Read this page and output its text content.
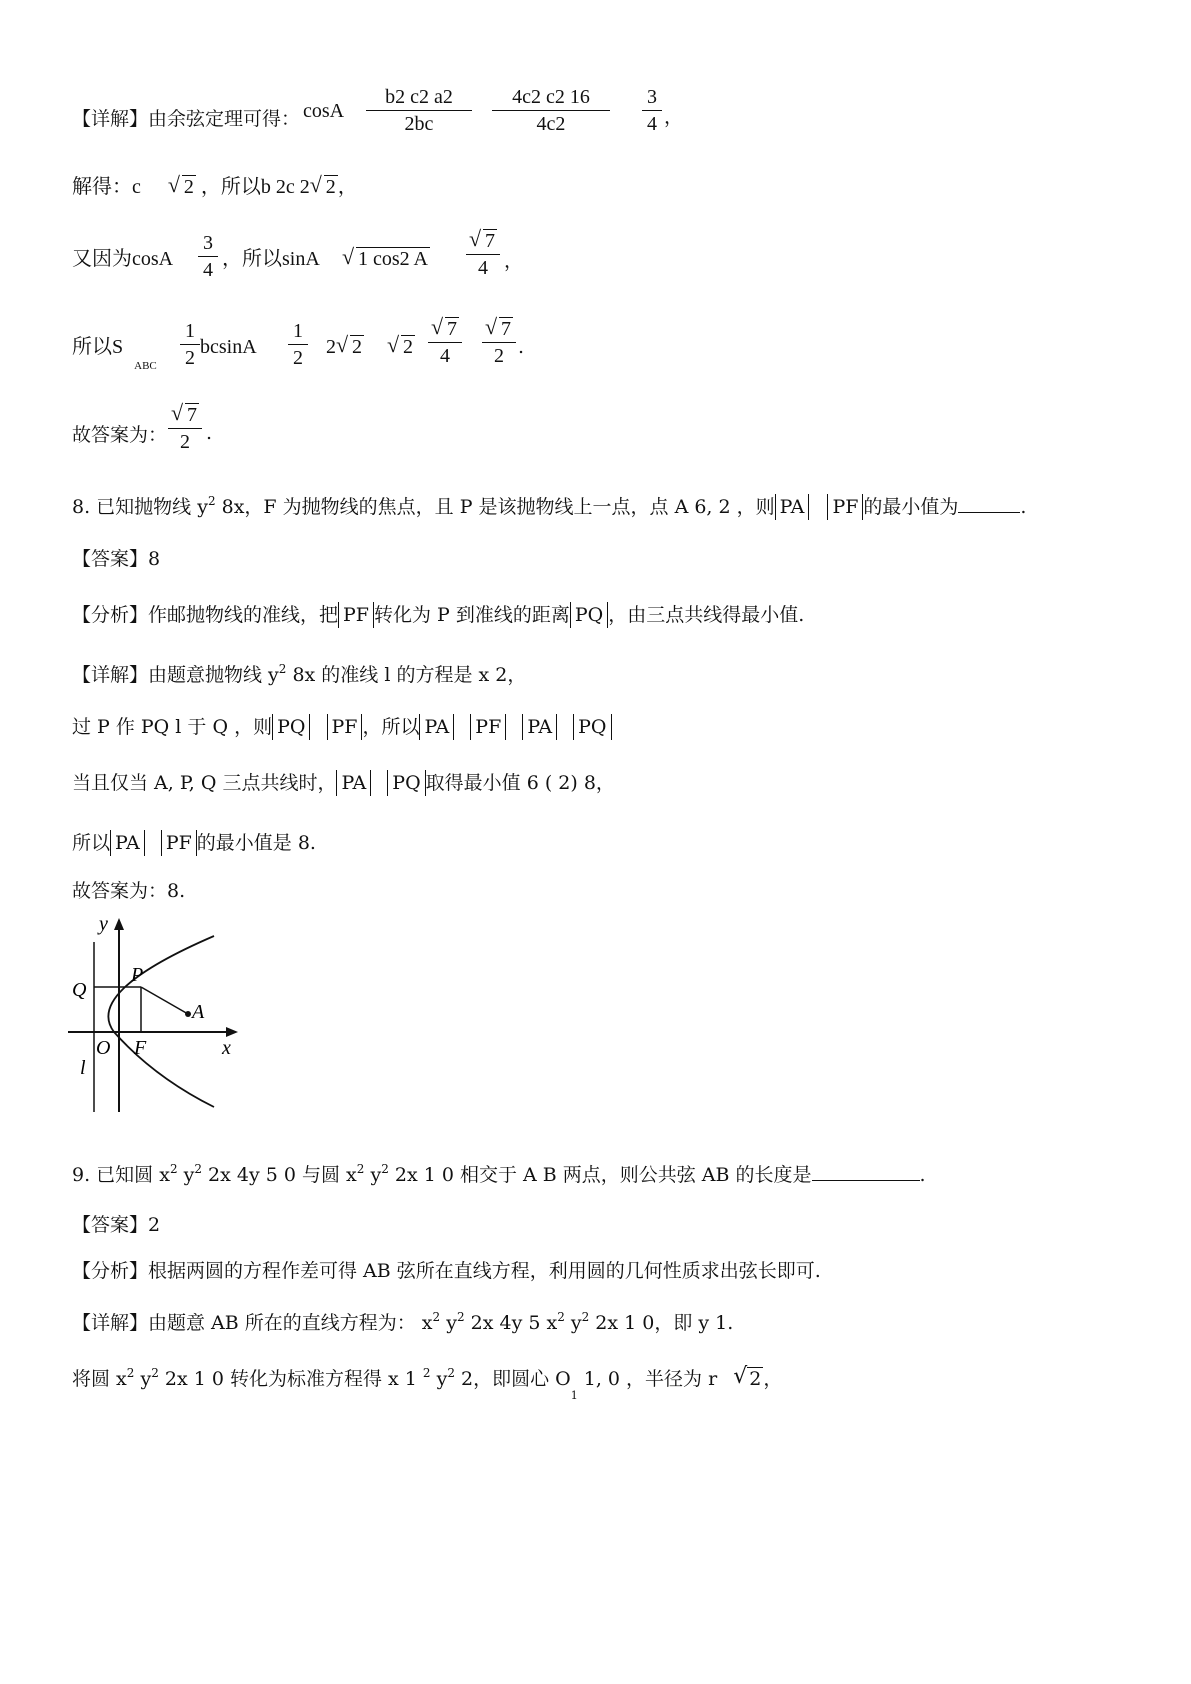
【详解】由余弦定理可得： cosA
b2 c2 a2
2bc
4c2 c2 16
4c2
3
4 ，
解得：c √ 2 ，所以b 2c 2 √ 2 ，
又因为cosA
3
4 ，所以sinA	√ 1 cos2 A
√ 7
4 ，
所以S $_{ABC}$
1
2 bcsinA
1
2 2 √ 2 √ 2
√ 7
4
√ 7
2 .
故答案为：
√ 7
2 .
8. 已知抛物线 $y^2$ 8x，F 为抛物线的焦点，且 P 是该抛物线上一点，点 A 6, 2 ，则 PA PF 的最小值为	.
【答案】8
【分析】作邮抛物线的准线，把 PF 转化为 P 到准线的距离 PQ ，由三点共线得最小值.
【详解】由题意抛物线 $y^2$ 8x 的准线 l 的方程是 x 2，
过 P 作 PQ l 于 Q ，则 PQ PF ，所以 PA PF PA PQ
当且仅当 A, P, Q 三点共线时， PA PQ 取得最小值 6 ( 2) 8，
所以 PA PF 的最小值是 8.
故答案为：8.
y
x
Q
P
A
O F
l
9. 已知圆 $x^2$ $y^2$ 2x 4y 5 0 与圆 $x^2$ $y^2$ 2x 1 0 相交于 A B 两点，则公共弦 AB 的长度是	.
【答案】2
【分析】根据两圆的方程作差可得 AB 弦所在直线方程，利用圆的几何性质求出弦长即可.
【详解】由题意 AB 所在的直线方程为： $x^2$ $y^2$ 2x 4y 5 $x^2$ $y^2$ 2x 1 0，即 y 1.
将圆 $x^2$ $y^2$ 2x 1 0 转化为标准方程得 x 1 $^2$ $y^2$ 2，即圆心 $O_1$ 1, 0 ，半径为 r √ 2 ，
